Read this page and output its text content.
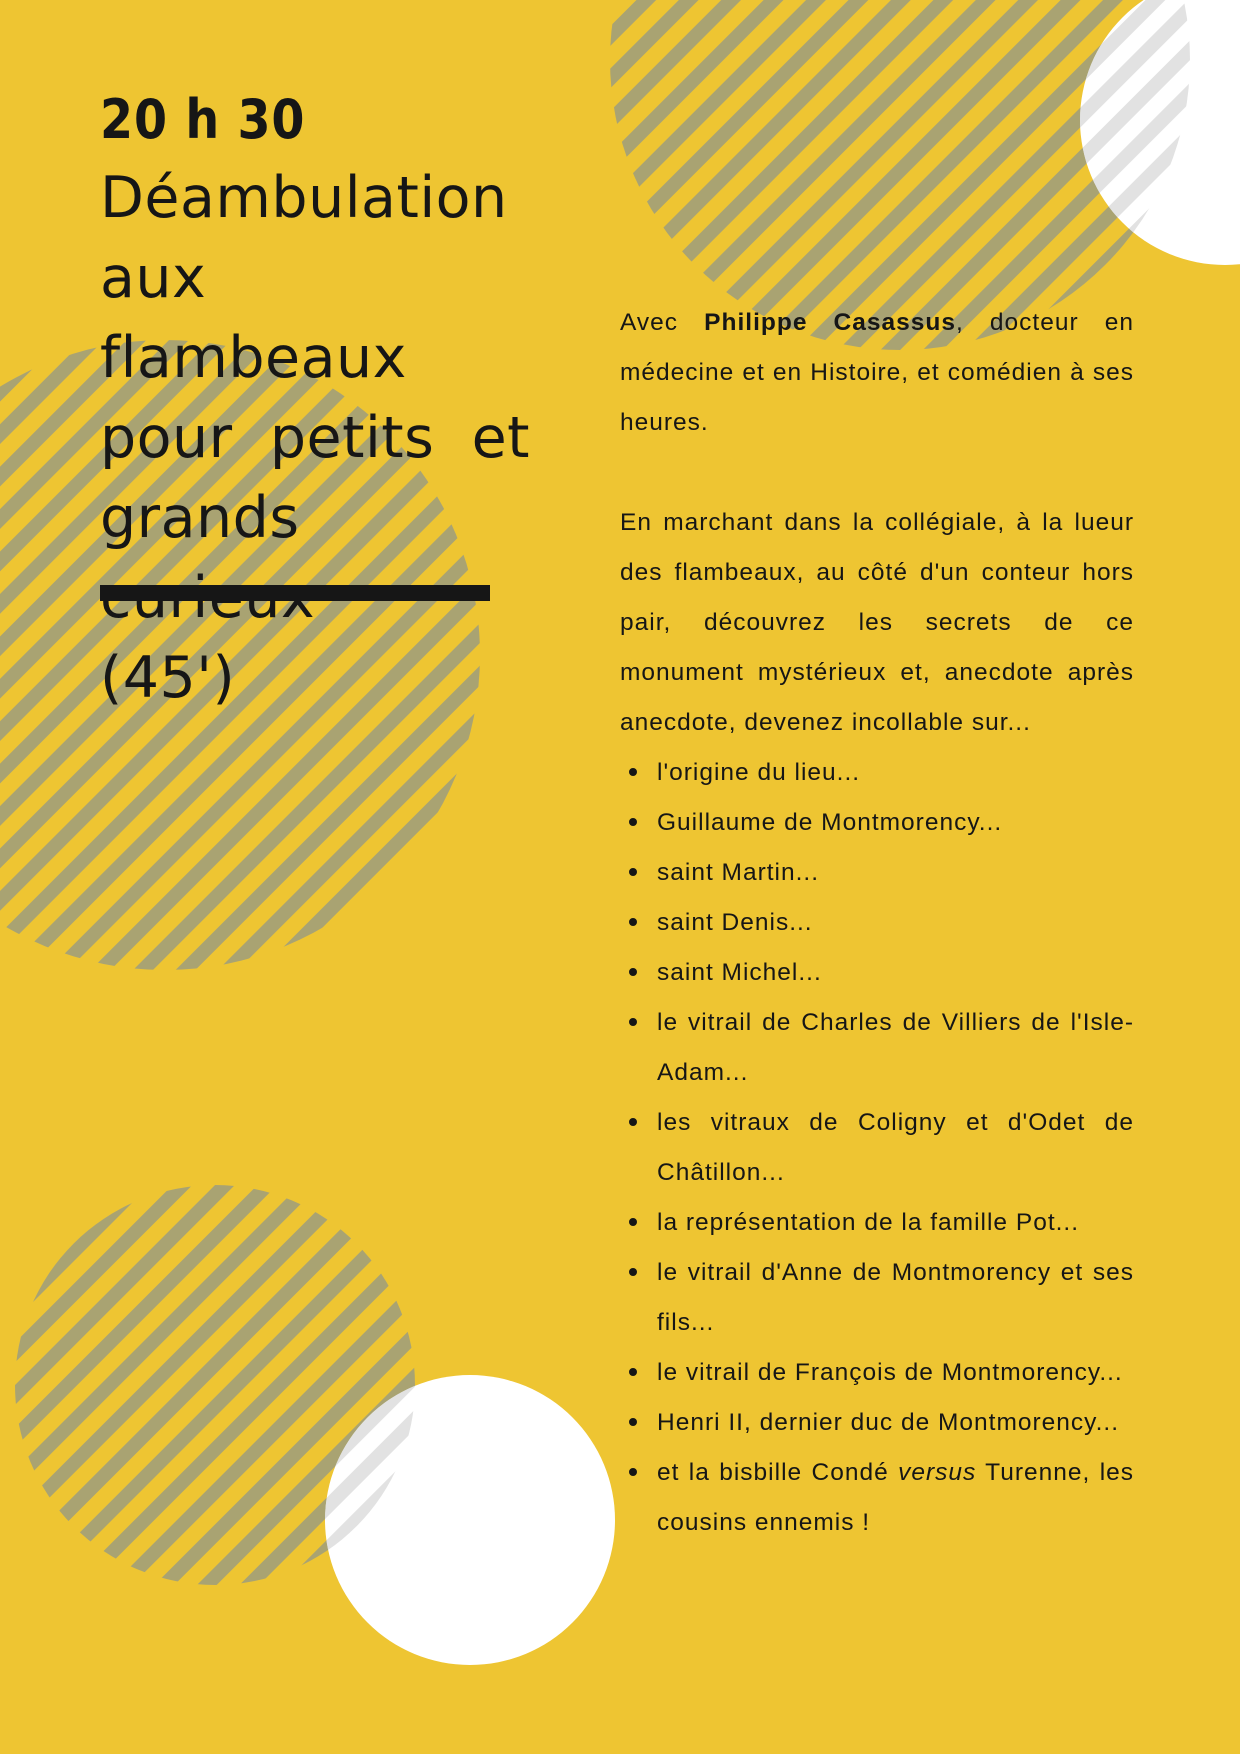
20 h 30
Déambulation
aux flambeaux
pour petits et
grands
(45')

Avec Philippe Casassus, docteur en médecine et en Histoire, et comédien à ses heures.

En marchant dans la collégiale, à la lueur des flambeaux, au côté d'un conteur hors pair, découvrez les secrets de ce monument mystérieux et, anecdote après anecdote, devenez incollable sur...

l'origine du lieu...
Guillaume de Montmorency...
saint Martin...
saint Denis...
saint Michel...
le vitrail de Charles de Villiers de l'Isle-Adam...
les vitraux de Coligny et d'Odet de Châtillon...
la représentation de la famille Pot...
le vitrail d'Anne de Montmorency et ses fils...
le vitrail de François de Montmorency...
Henri II, dernier duc de Montmorency...
et la bisbille Condé versus Turenne, les cousins ennemis !
